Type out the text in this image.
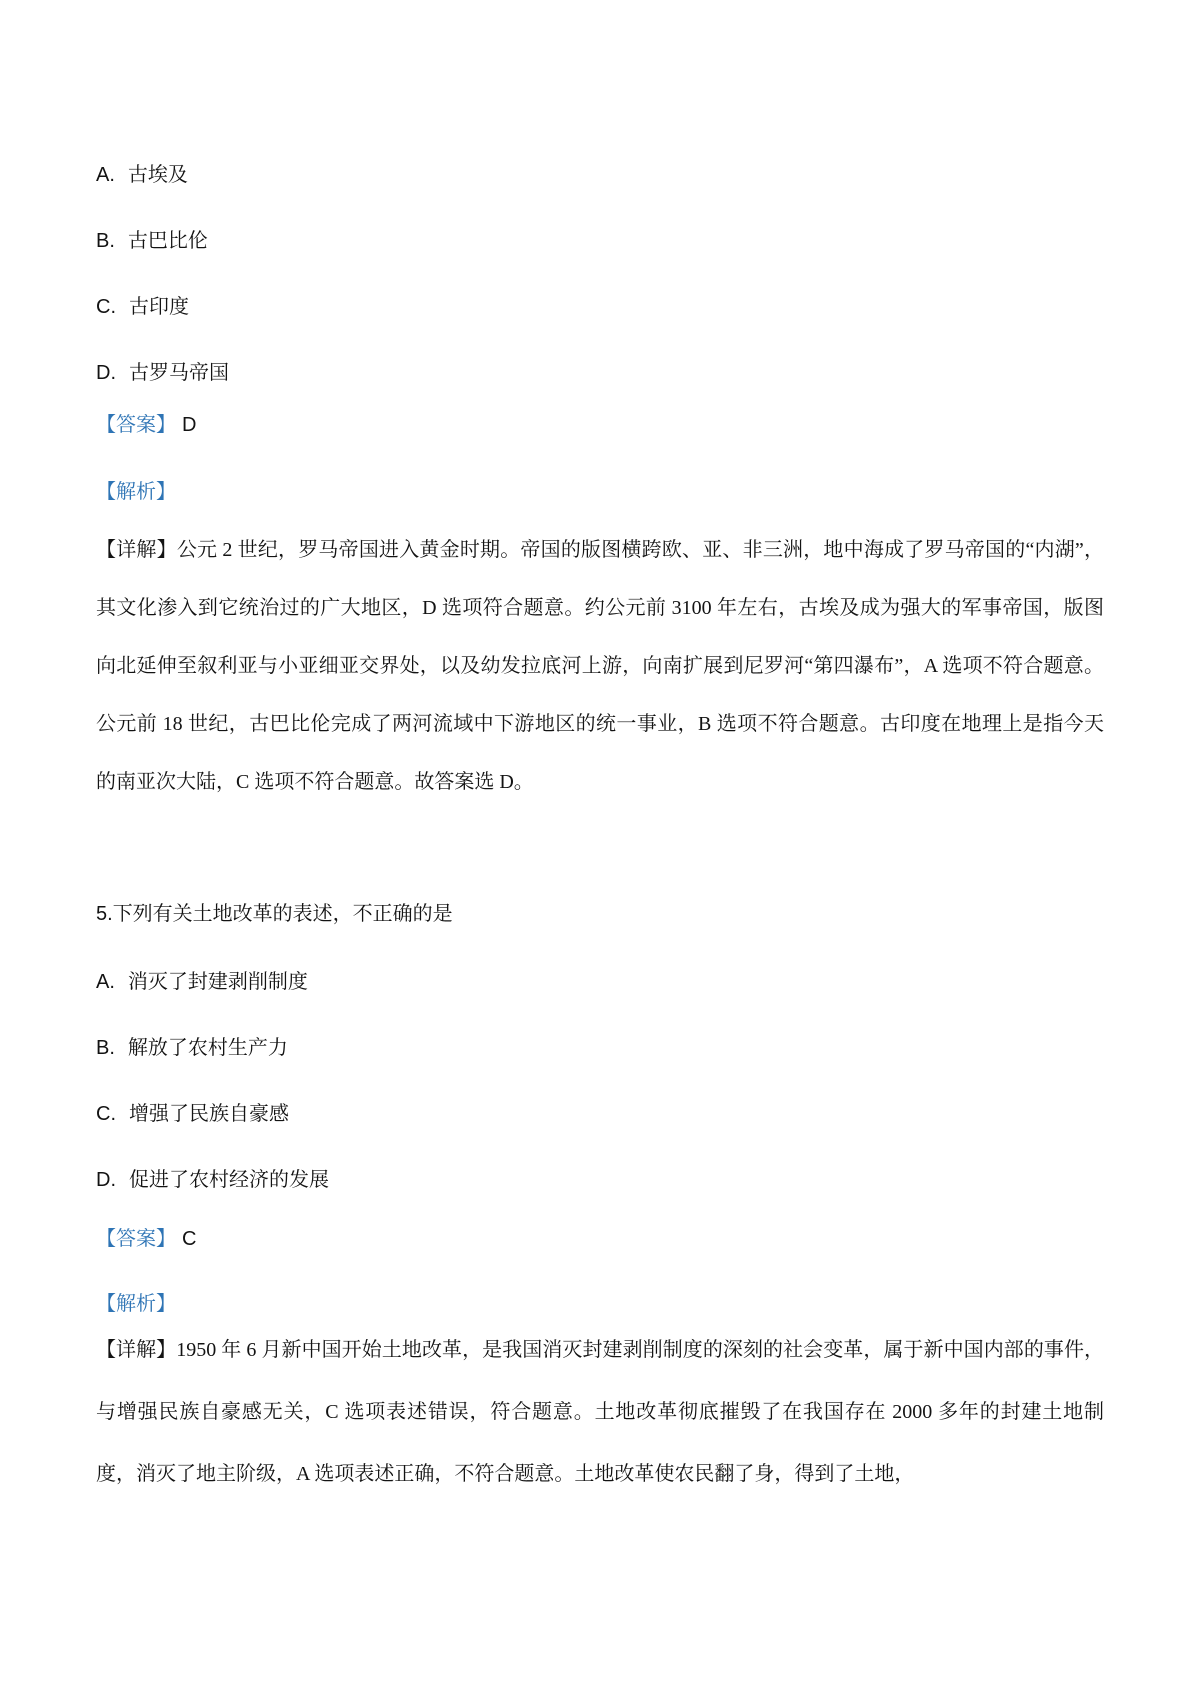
A. 古埃及
B. 古巴比伦
C. 古印度
D. 古罗马帝国
【答案】 D
【解析】

【详解】公元 2 世纪，罗马帝国进入黄金时期。帝国的版图横跨欧、亚、非三洲，地中海成了罗马帝国的“内湖”，其文化渗入到它统治过的广大地区，D 选项符合题意。约公元前 3100 年左右，古埃及成为强大的军事帝国，版图向北延伸至叙利亚与小亚细亚交界处，以及幼发拉底河上游，向南扩展到尼罗河“第四瀑布”，A 选项不符合题意。公元前 18 世纪，古巴比伦完成了两河流域中下游地区的统一事业，B 选项不符合题意。古印度在地理上是指今天的南亚次大陆，C 选项不符合题意。故答案选 D。

5.下列有关土地改革的表述，不正确的是
A. 消灭了封建剥削制度
B. 解放了农村生产力
C. 增强了民族自豪感
D. 促进了农村经济的发展
【答案】 C
【解析】

【详解】1950 年 6 月新中国开始土地改革，是我国消灭封建剥削制度的深刻的社会变革，属于新中国内部的事件，与增强民族自豪感无关，C 选项表述错误，符合题意。土地改革彻底摧毁了在我国存在 2000 多年的封建土地制度，消灭了地主阶级，A 选项表述正确，不符合题意。土地改革使农民翻了身，得到了土地，
